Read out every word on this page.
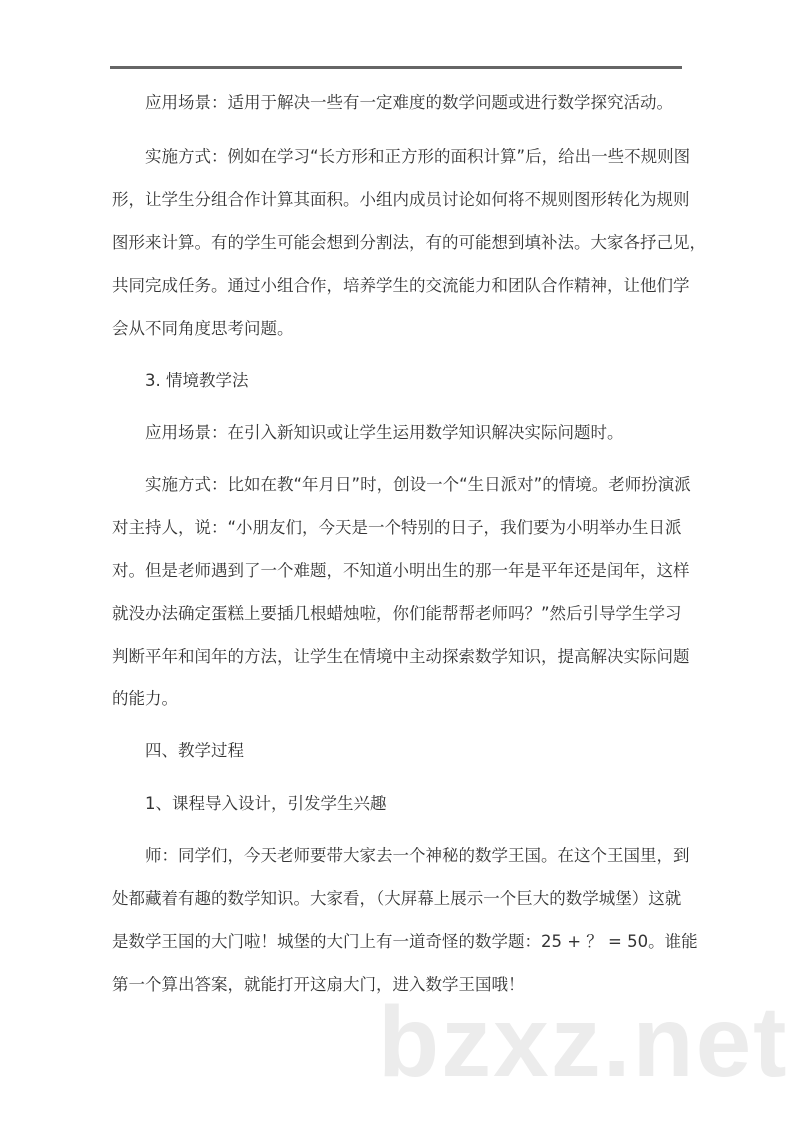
应用场景：适用于解决一些有一定难度的数学问题或进行数学探究活动。
实施方式：例如在学习“长方形和正方形的面积计算”后，给出一些不规则图
形，让学生分组合作计算其面积。小组内成员讨论如何将不规则图形转化为规则
图形来计算。有的学生可能会想到分割法，有的可能想到填补法。大家各抒己见，
共同完成任务。通过小组合作，培养学生的交流能力和团队合作精神，让他们学
会从不同角度思考问题。
3. 情境教学法
应用场景：在引入新知识或让学生运用数学知识解决实际问题时。
实施方式：比如在教“年月日”时，创设一个“生日派对”的情境。老师扮演派
对主持人，说：“小朋友们，今天是一个特别的日子，我们要为小明举办生日派
对。但是老师遇到了一个难题，不知道小明出生的那一年是平年还是闰年，这样
就没办法确定蛋糕上要插几根蜡烛啦，你们能帮帮老师吗？”然后引导学生学习
判断平年和闰年的方法，让学生在情境中主动探索数学知识，提高解决实际问题
的能力。
四、教学过程
1、课程导入设计，引发学生兴趣
师：同学们，今天老师要带大家去一个神秘的数学王国。在这个王国里，到
处都藏着有趣的数学知识。大家看，（大屏幕上展示一个巨大的数学城堡）这就
是数学王国的大门啦！城堡的大门上有一道奇怪的数学题：25 + ？ = 50。谁能
第一个算出答案，就能打开这扇大门，进入数学王国哦！
bzxz.net
